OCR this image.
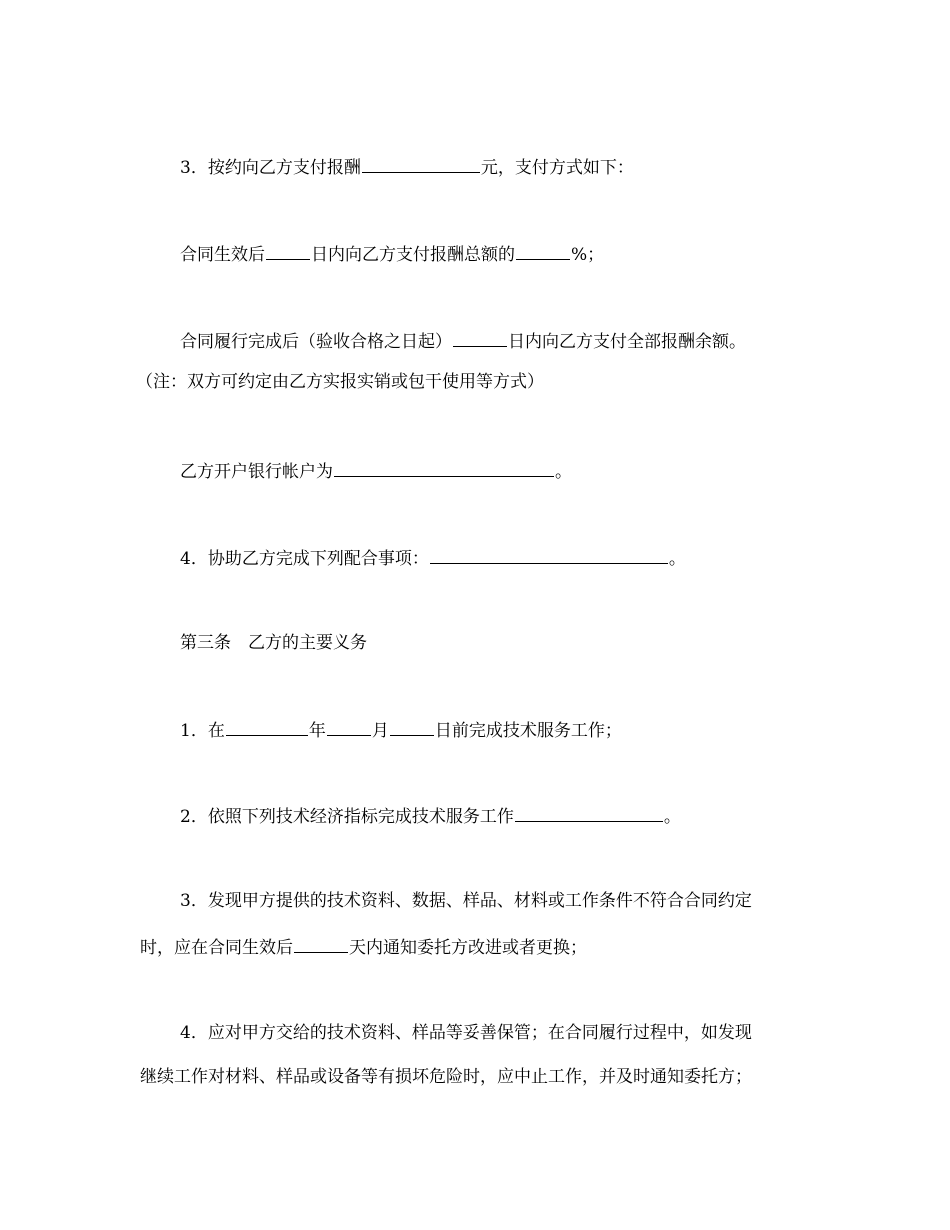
3．按约向乙方支付报酬	元，支付方式如下：
合同生效后	日内向乙方支付报酬总额的	%；
合同履行完成后（验收合格之日起）	日内向乙方支付全部报酬余额。
（注：双方可约定由乙方实报实销或包干使用等方式）
乙方开户银行帐户为	。
4．协助乙方完成下列配合事项：	。
第三条　乙方的主要义务
1．在	年	月	日前完成技术服务工作；
2．依照下列技术经济指标完成技术服务工作	。
3．发现甲方提供的技术资料、数据、样品、材料或工作条件不符合合同约定
时，应在合同生效后	天内通知委托方改进或者更换；
4．应对甲方交给的技术资料、样品等妥善保管；在合同履行过程中，如发现
继续工作对材料、样品或设备等有损坏危险时，应中止工作，并及时通知委托方；
